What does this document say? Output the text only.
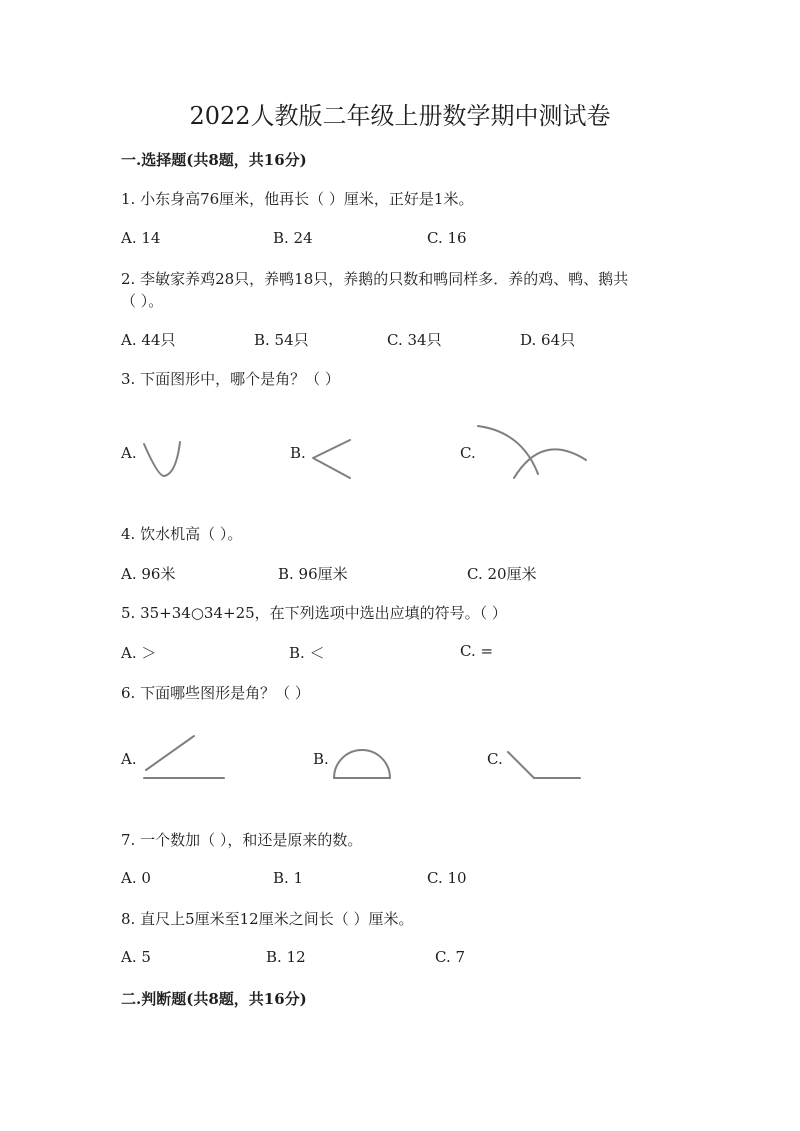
2022人教版二年级上册数学期中测试卷
一.选择题(共8题，共16分)
1. 小东身高76厘米，他再长（ ）厘米，正好是1米。
A. 14	B. 24	C. 16
2. 李敏家养鸡28只，养鸭18只，养鹅的只数和鸭同样多．养的鸡、鸭、鹅共
（ ）。
A. 44只	B. 54只	C. 34只	D. 64只
3. 下面图形中，哪个是角？（ ）
A.	B.	C.
4. 饮水机高（ ）。
A. 96米	B. 96厘米	C. 20厘米
5. 35+34○34+25，在下列选项中选出应填的符号。（ ）
A. ＞	B. ＜	C. =
6. 下面哪些图形是角？（ ）
A.	B.	C.
7. 一个数加（ ），和还是原来的数。
A. 0	B. 1	C. 10
8. 直尺上5厘米至12厘米之间长（ ）厘米。
A. 5	B. 12	C. 7
二.判断题(共8题，共16分)
